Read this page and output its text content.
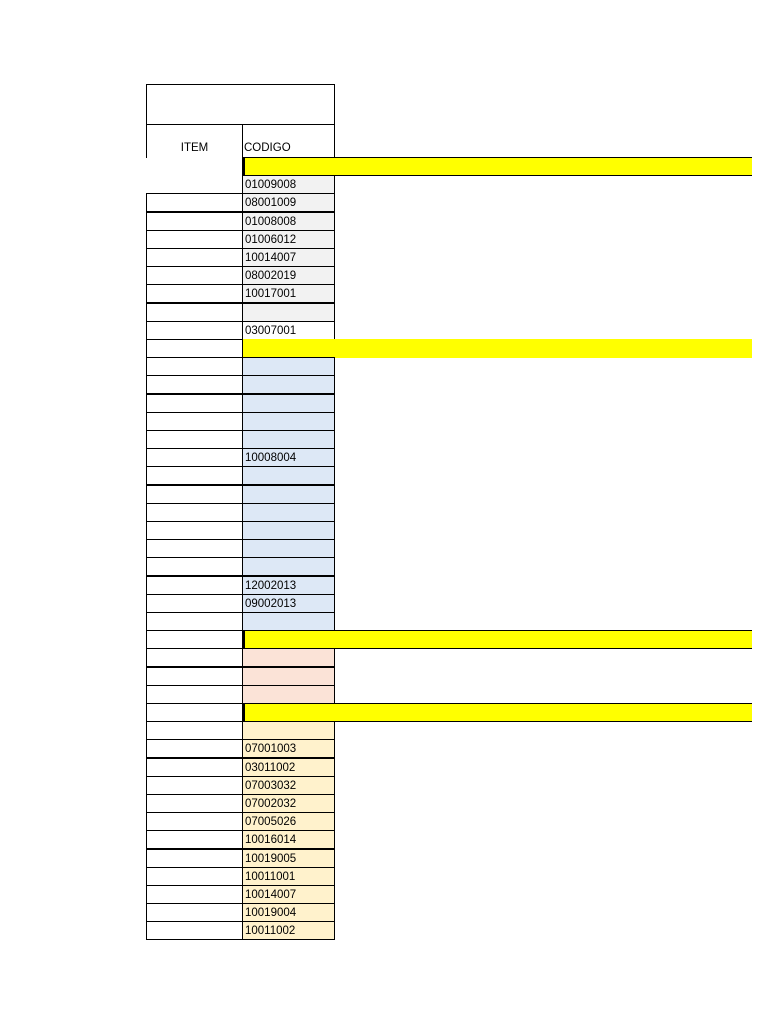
ITEM	CODIGO
01009008
08001009
01008008
01006012
10014007
08002019
10017001
03007001
10008004
12002013
09002013
07001003
03011002
07003032
07002032
07005026
10016014
10019005
10011001
10014007
10019004
10011002
